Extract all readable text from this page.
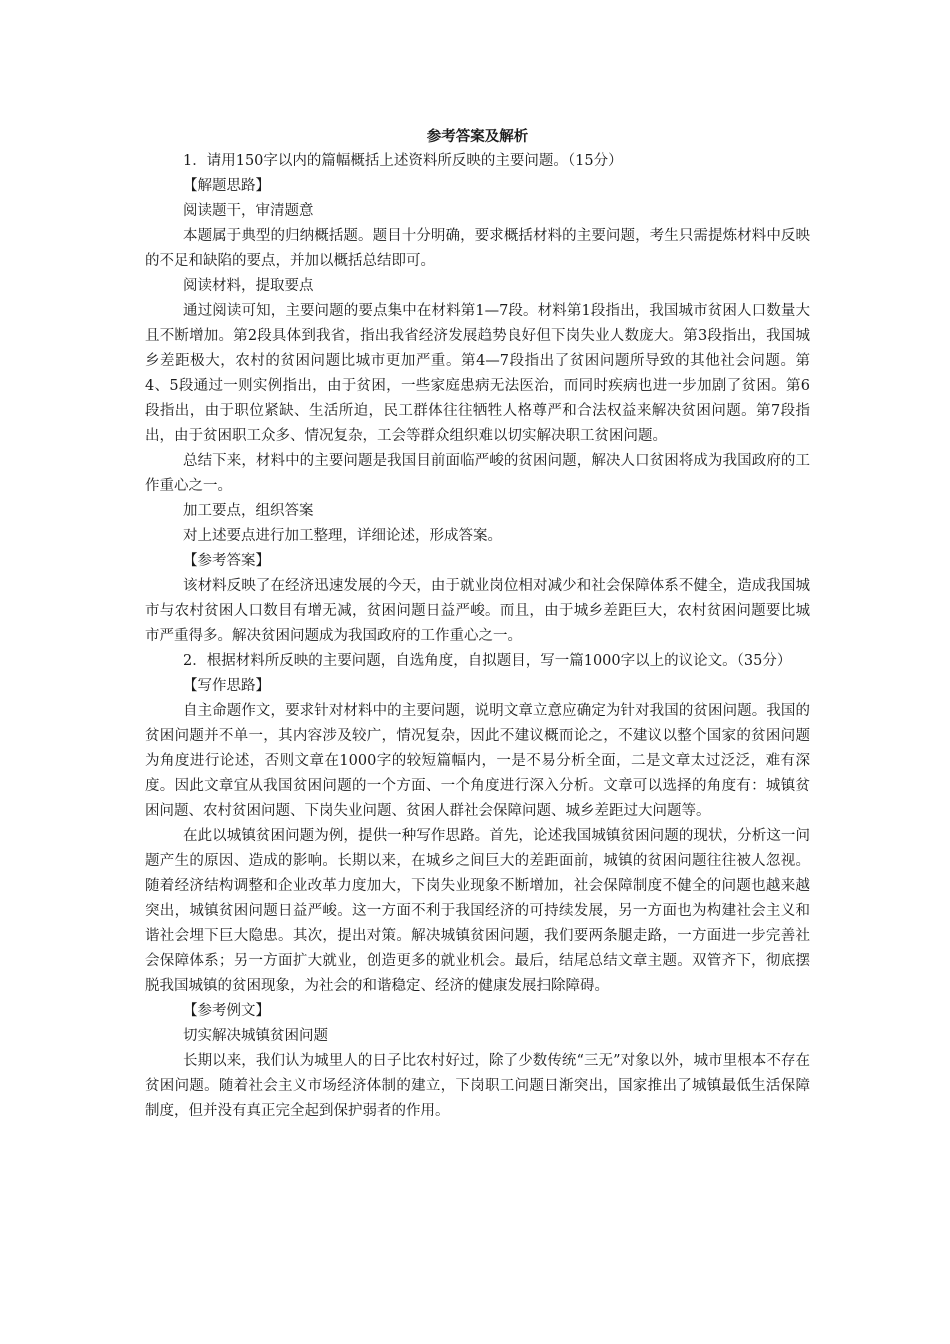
参考答案及解析

1．请用150字以内的篇幅概括上述资料所反映的主要问题。（15分）

【解题思路】

阅读题干，审清题意

本题属于典型的归纳概括题。题目十分明确，要求概括材料的主要问题，考生只需提炼材料中反映的不足和缺陷的要点，并加以概括总结即可。

阅读材料，提取要点

通过阅读可知，主要问题的要点集中在材料第1—7段。材料第1段指出，我国城市贫困人口数量大且不断增加。第2段具体到我省，指出我省经济发展趋势良好但下岗失业人数庞大。第3段指出，我国城乡差距极大，农村的贫困问题比城市更加严重。第4—7段指出了贫困问题所导致的其他社会问题。第4、5段通过一则实例指出，由于贫困，一些家庭患病无法医治，而同时疾病也进一步加剧了贫困。第6段指出，由于职位紧缺、生活所迫，民工群体往往牺牲人格尊严和合法权益来解决贫困问题。第7段指出，由于贫困职工众多、情况复杂，工会等群众组织难以切实解决职工贫困问题。

总结下来，材料中的主要问题是我国目前面临严峻的贫困问题，解决人口贫困将成为我国政府的工作重心之一。

加工要点，组织答案

对上述要点进行加工整理，详细论述，形成答案。

【参考答案】

该材料反映了在经济迅速发展的今天，由于就业岗位相对减少和社会保障体系不健全，造成我国城市与农村贫困人口数目有增无减，贫困问题日益严峻。而且，由于城乡差距巨大，农村贫困问题要比城市严重得多。解决贫困问题成为我国政府的工作重心之一。

2．根据材料所反映的主要问题，自选角度，自拟题目，写一篇1000字以上的议论文。（35分）

【写作思路】

自主命题作文，要求针对材料中的主要问题，说明文章立意应确定为针对我国的贫困问题。我国的贫困问题并不单一，其内容涉及较广，情况复杂，因此不建议概而论之，不建议以整个国家的贫困问题为角度进行论述，否则文章在1000字的较短篇幅内，一是不易分析全面，二是文章太过泛泛，难有深度。因此文章宜从我国贫困问题的一个方面、一个角度进行深入分析。文章可以选择的角度有：城镇贫困问题、农村贫困问题、下岗失业问题、贫困人群社会保障问题、城乡差距过大问题等。

在此以城镇贫困问题为例，提供一种写作思路。首先，论述我国城镇贫困问题的现状，分析这一问题产生的原因、造成的影响。长期以来，在城乡之间巨大的差距面前，城镇的贫困问题往往被人忽视。随着经济结构调整和企业改革力度加大，下岗失业现象不断增加，社会保障制度不健全的问题也越来越突出，城镇贫困问题日益严峻。这一方面不利于我国经济的可持续发展，另一方面也为构建社会主义和谐社会埋下巨大隐患。其次，提出对策。解决城镇贫困问题，我们要两条腿走路，一方面进一步完善社会保障体系；另一方面扩大就业，创造更多的就业机会。最后，结尾总结文章主题。双管齐下，彻底摆脱我国城镇的贫困现象，为社会的和谐稳定、经济的健康发展扫除障碍。

【参考例文】

切实解决城镇贫困问题

长期以来，我们认为城里人的日子比农村好过，除了少数传统“三无”对象以外，城市里根本不存在贫困问题。随着社会主义市场经济体制的建立，下岗职工问题日渐突出，国家推出了城镇最低生活保障制度，但并没有真正完全起到保护弱者的作用。
